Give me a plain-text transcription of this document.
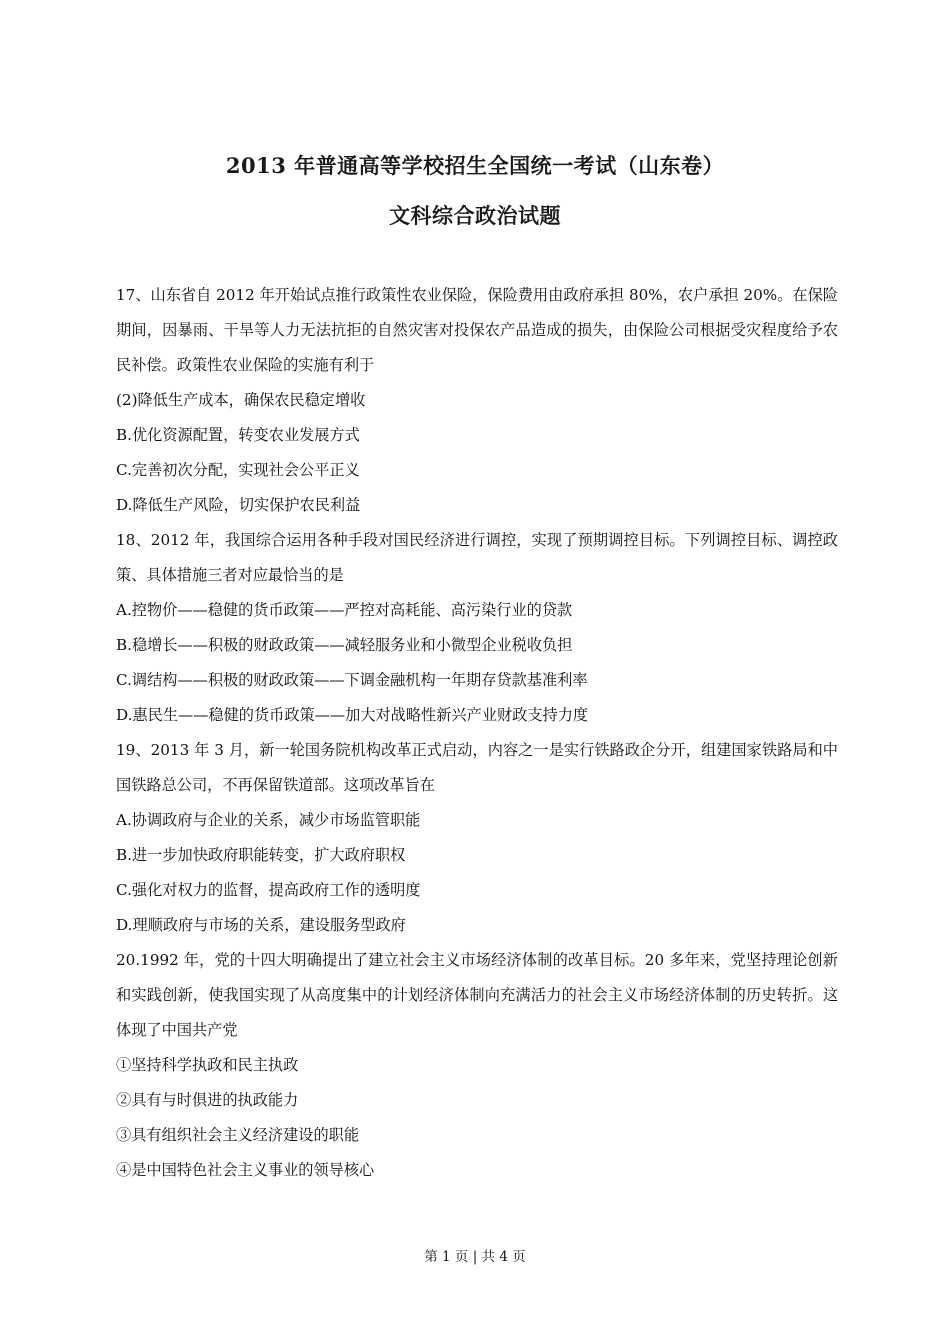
2013 年普通高等学校招生全国统一考试（山东卷）
文科综合政治试题

17、山东省自 2012 年开始试点推行政策性农业保险，保险费用由政府承担 80%，农户承担 20%。在保险期间，因暴雨、干旱等人力无法抗拒的自然灾害对投保农产品造成的损失，由保险公司根据受灾程度给予农民补偿。政策性农业保险的实施有利于

(2)降低生产成本，确保农民稳定增收

B.优化资源配置，转变农业发展方式

C.完善初次分配，实现社会公平正义

D.降低生产风险，切实保护农民利益

18、2012 年，我国综合运用各种手段对国民经济进行调控，实现了预期调控目标。下列调控目标、调控政策、具体措施三者对应最恰当的是

A.控物价——稳健的货币政策——严控对高耗能、高污染行业的贷款

B.稳增长——积极的财政政策——减轻服务业和小微型企业税收负担

C.调结构——积极的财政政策——下调金融机构一年期存贷款基准利率

D.惠民生——稳健的货币政策——加大对战略性新兴产业财政支持力度

19、2013 年 3 月，新一轮国务院机构改革正式启动，内容之一是实行铁路政企分开，组建国家铁路局和中国铁路总公司，不再保留铁道部。这项改革旨在

A.协调政府与企业的关系，减少市场监管职能

B.进一步加快政府职能转变，扩大政府职权

C.强化对权力的监督，提高政府工作的透明度

D.理顺政府与市场的关系，建设服务型政府

20.1992 年，党的十四大明确提出了建立社会主义市场经济体制的改革目标。20 多年来，党坚持理论创新和实践创新，使我国实现了从高度集中的计划经济体制向充满活力的社会主义市场经济体制的历史转折。这体现了中国共产党

①坚持科学执政和民主执政

②具有与时俱进的执政能力

③具有组织社会主义经济建设的职能

④是中国特色社会主义事业的领导核心

第 1 页 | 共 4 页
